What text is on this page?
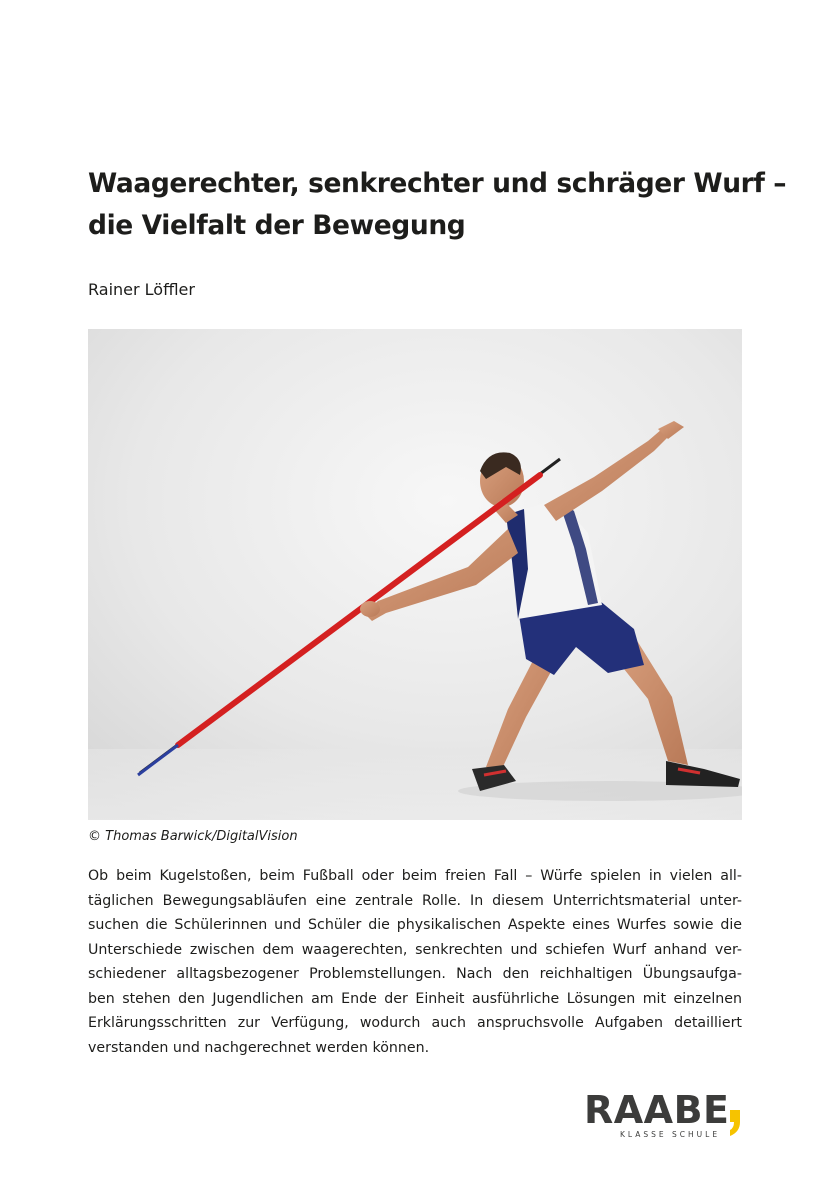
Waagerechter, senkrechter und schräger Wurf –
die Vielfalt der Bewegung

Rainer Löffler

© Thomas Barwick/DigitalVision

Ob beim Kugelstoßen, beim Fußball oder beim freien Fall – Würfe spielen in vielen all-
täglichen Bewegungsabläufen eine zentrale Rolle. In diesem Unterrichtsmaterial unter-
suchen die Schülerinnen und Schüler die physikalischen Aspekte eines Wurfes sowie die
Unterschiede zwischen dem waagerechten, senkrechten und schiefen Wurf anhand ver-
schiedener alltagsbezogener Problemstellungen. Nach den reichhaltigen Übungsaufga-
ben stehen den Jugendlichen am Ende der Einheit ausführliche Lösungen mit einzelnen
Erklärungsschritten zur Verfügung, wodurch auch anspruchsvolle Aufgaben detailliert
verstanden und nachgerechnet werden können.
RAABE
KLASSE SCHULE
